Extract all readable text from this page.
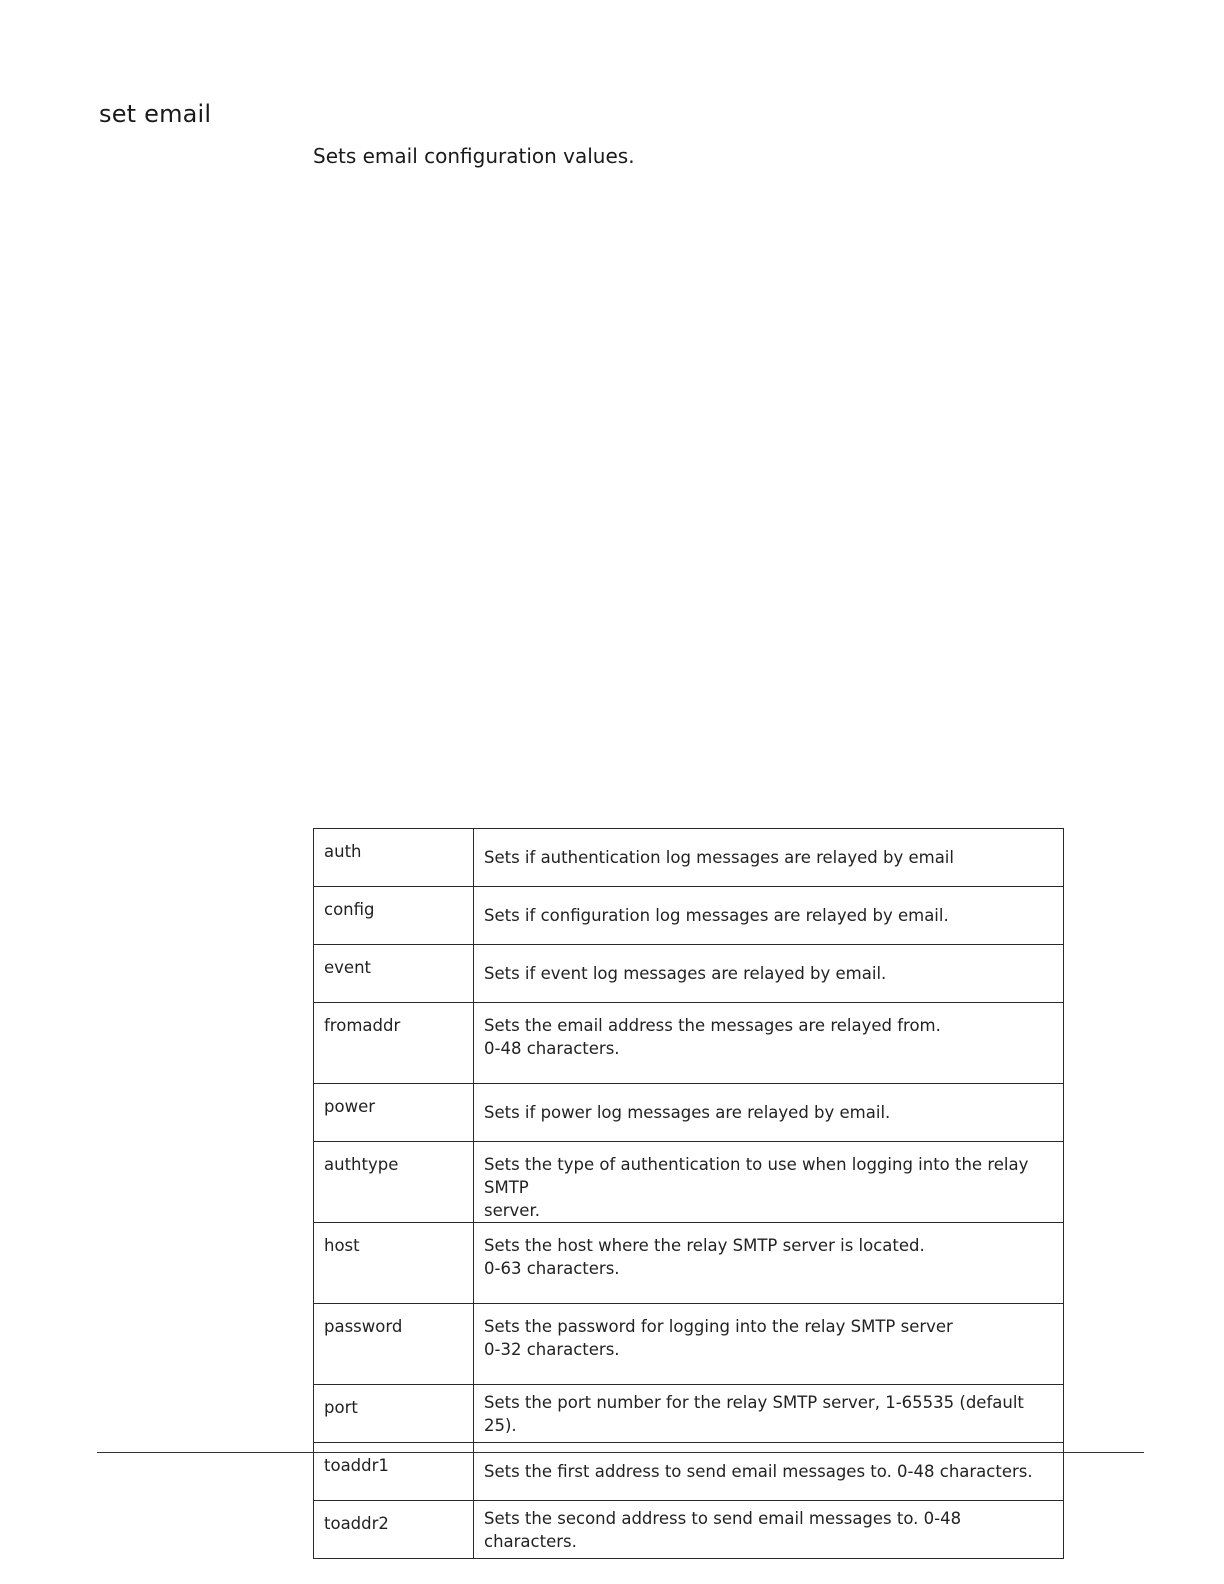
set email

Sets email configuration values.

auth	Sets if authentication log messages are relayed by email

config	Sets if configuration log messages are relayed by email.

event	Sets if event log messages are relayed by email.

fromaddr	Sets the email address the messages are relayed from.
0-48 characters.

power	Sets if power log messages are relayed by email.

authtype	Sets the type of authentication to use when logging into the relay SMTP
server.

host	Sets the host where the relay SMTP server is located.
0-63 characters.

password	Sets the password for logging into the relay SMTP server
0-32 characters.

port	Sets the port number for the relay SMTP server, 1-65535 (default 25).

toaddr1	Sets the first address to send email messages to. 0-48 characters.

toaddr2	Sets the second address to send email messages to. 0-48 characters.
